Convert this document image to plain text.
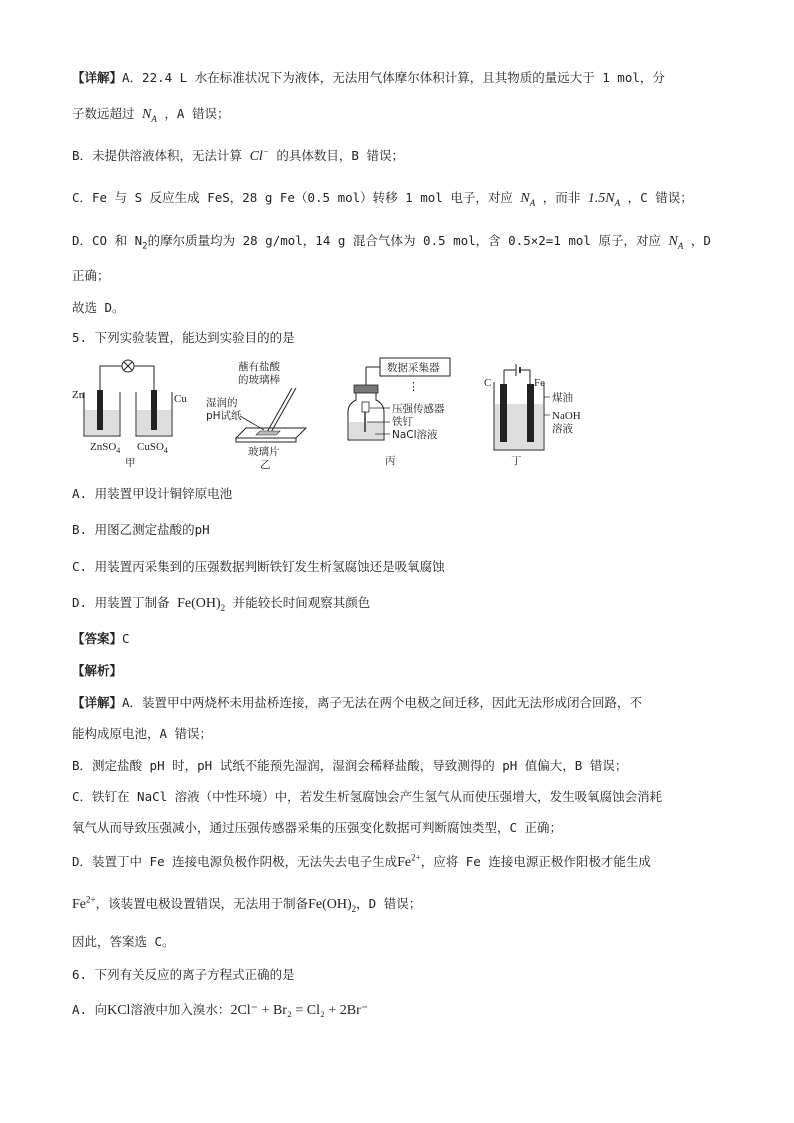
【详解】A．22.4 L 水在标准状况下为液体，无法用气体摩尔体积计算，且其物质的量远大于 1 mol，分
子数远超过 $N_A$ ，A 错误；
B．未提供溶液体积，无法计算 Cl− 的具体数目，B 错误；
C．Fe 与 S 反应生成 FeS，28 g Fe（0.5 mol）转移 1 mol 电子，对应 $N_A$ ，而非 $1.5N_A$ ，C 错误；
D．CO 和 $N_2$的摩尔质量均为 28 g/mol，14 g 混合气体为 0.5 mol，含 0.5×2=1 mol 原子，对应 $N_A$ ，D
正确；
故选 D。
5. 下列实验装置，能达到实验目的的是
Zn	Cu
ZnSO$_4$ CuSO$_4$
甲
蘸有盐酸
的玻璃棒
湿润的
pH试纸
玻璃片
乙
数据采集器
⋮
压强传感器
铁钉
NaCl溶液
丙
C	Fe
煤油
NaOH
溶液
丁
A. 用装置甲设计铜锌原电池
B. 用图乙测定盐酸的pH
C. 用装置丙采集到的压强数据判断铁钉发生析氢腐蚀还是吸氧腐蚀
D. 用装置丁制备 $Fe(OH)_2$ 并能较长时间观察其颜色
【答案】C
【解析】
【详解】A．装置甲中两烧杯未用盐桥连接，离子无法在两个电极之间迁移，因此无法形成闭合回路，不
能构成原电池，A 错误；
B．测定盐酸 pH 时，pH 试纸不能预先湿润，湿润会稀释盐酸，导致测得的 pH 值偏大，B 错误；
C．铁钉在 NaCl 溶液（中性环境）中，若发生析氢腐蚀会产生氢气从而使压强增大，发生吸氧腐蚀会消耗
氧气从而导致压强减小，通过压强传感器采集的压强变化数据可判断腐蚀类型，C 正确；
D．装置丁中 Fe 连接电源负极作阴极，无法失去电子生成$Fe^{2+}$，应将 Fe 连接电源正极作阳极才能生成
$Fe^{2+}$，该装置电极设置错误，无法用于制备$Fe(OH)_2$，D 错误；
因此，答案选 C。
6. 下列有关反应的离子方程式正确的是
A. 向KCl溶液中加入溴水：2Cl⁻ + Br₂ = Cl₂ + 2Br⁻
